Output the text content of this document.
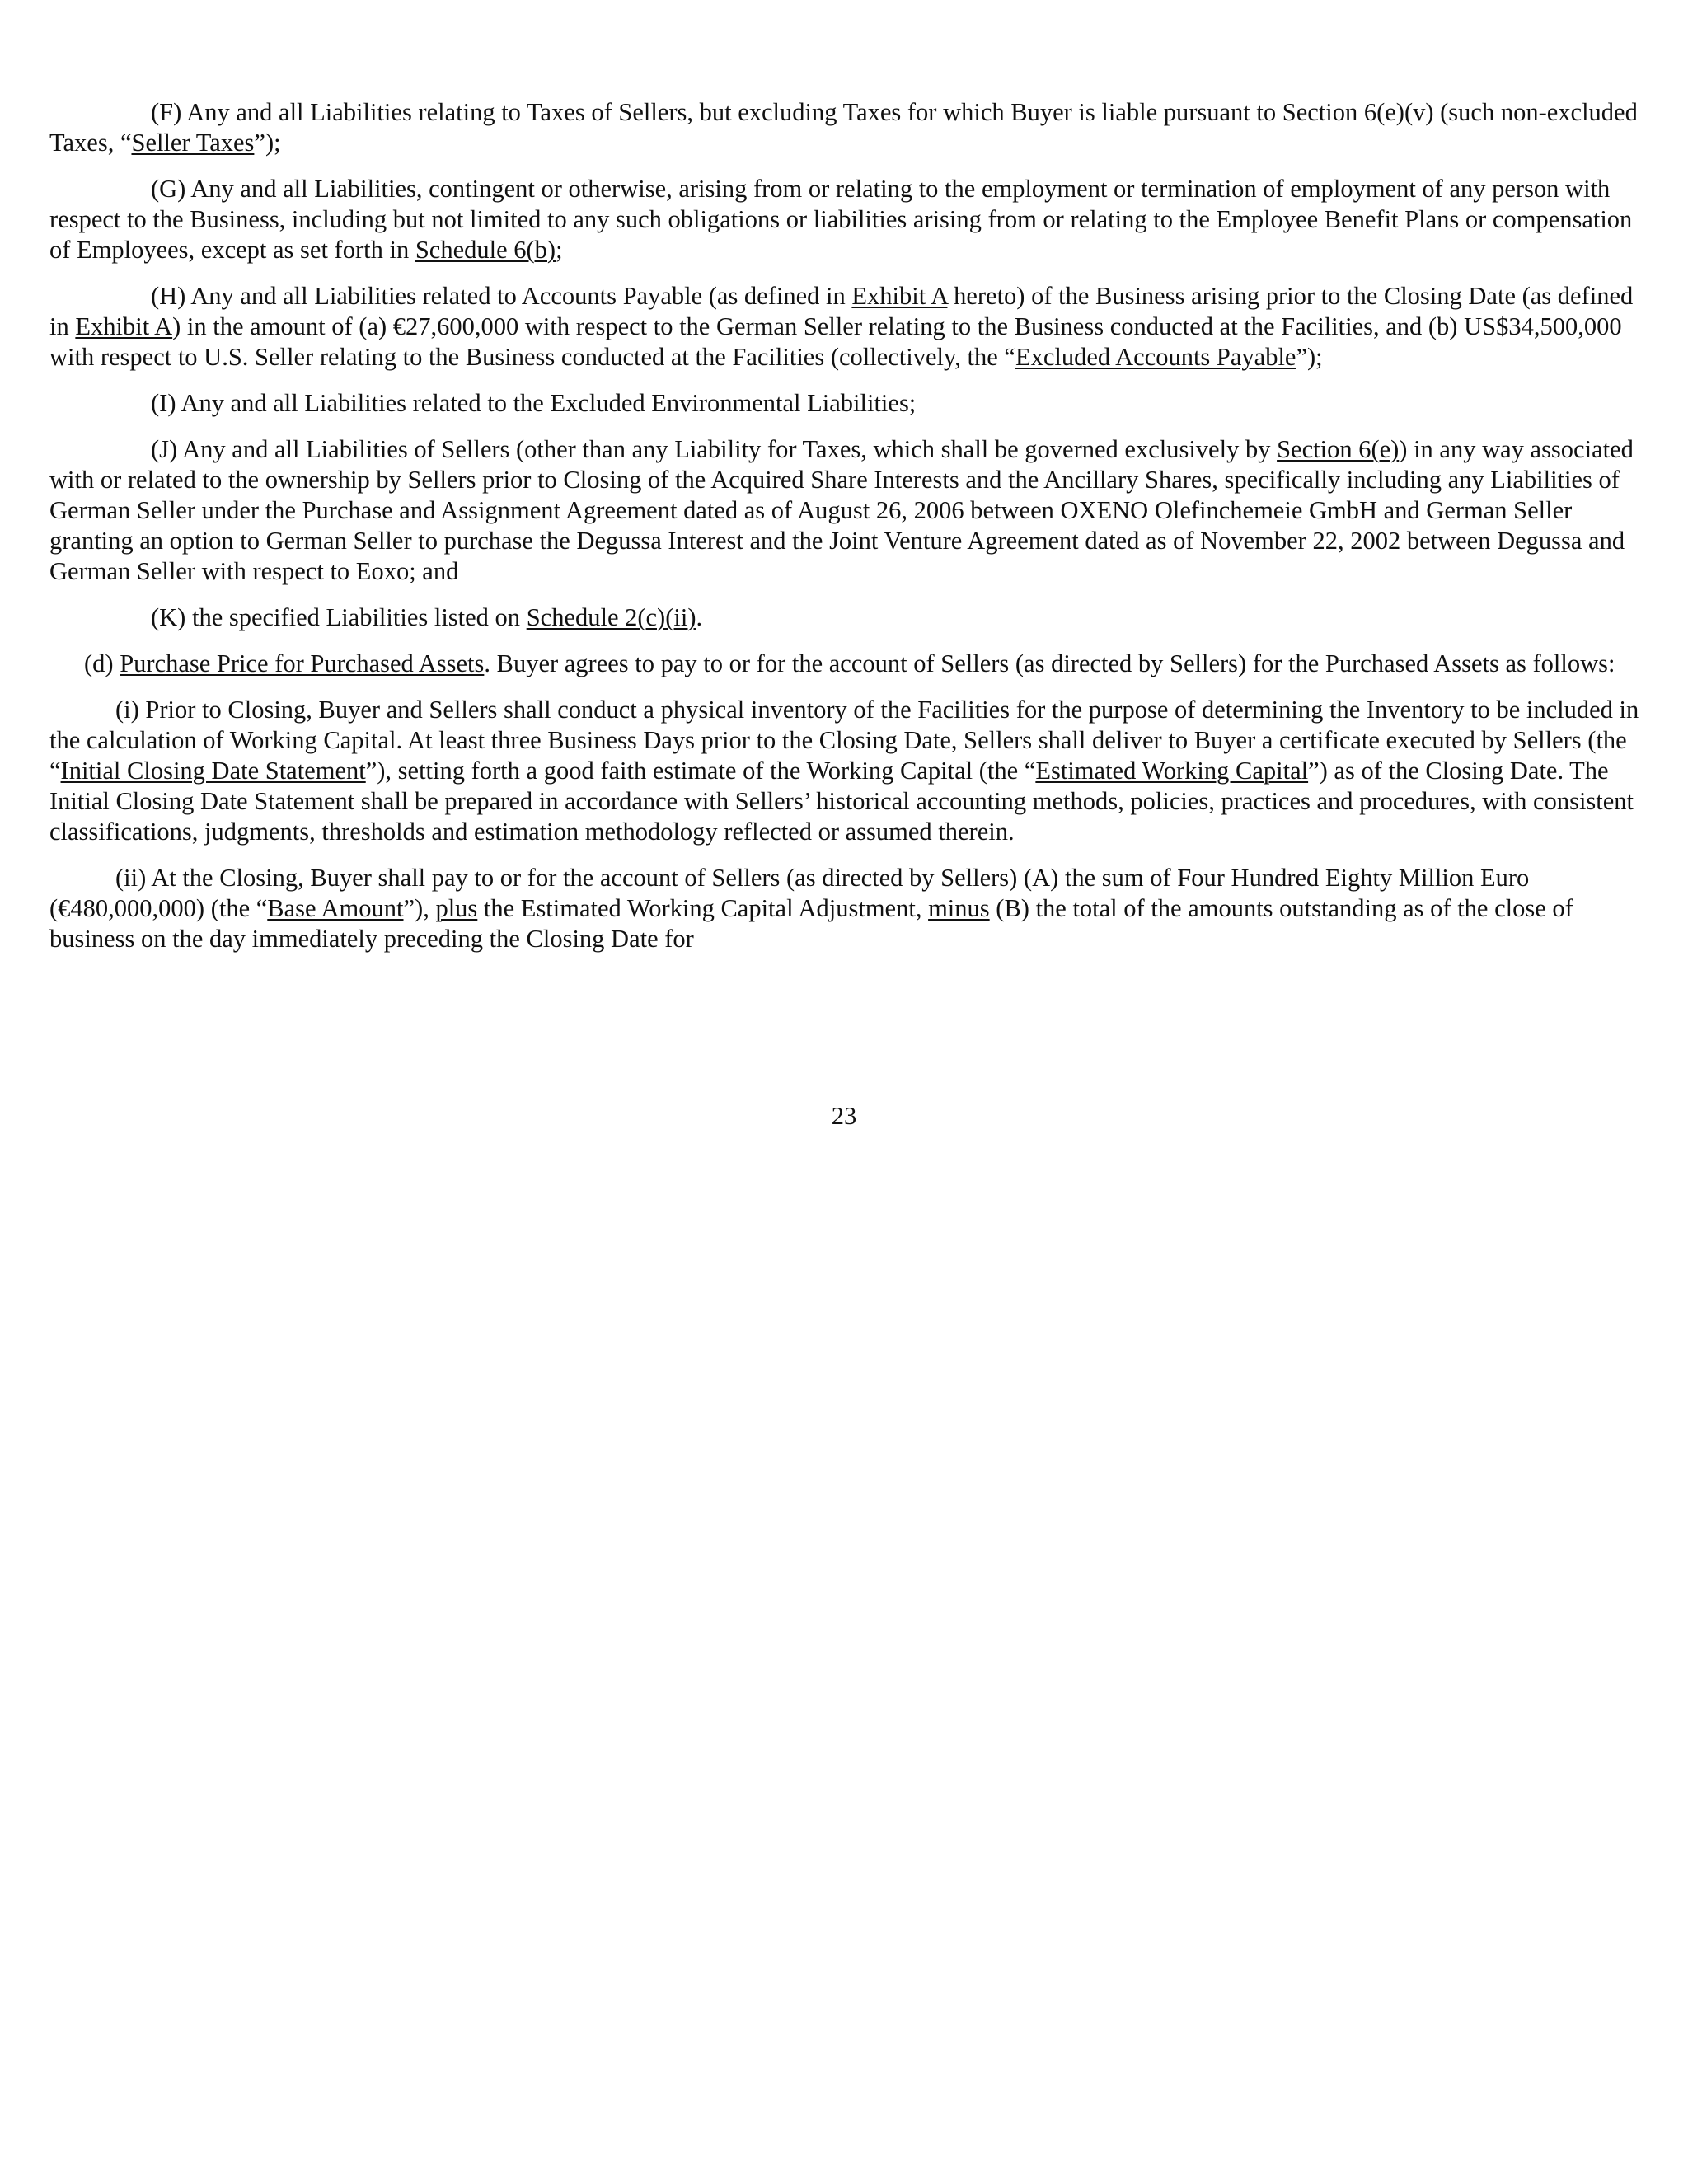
(F) Any and all Liabilities relating to Taxes of Sellers, but excluding Taxes for which Buyer is liable pursuant to Section 6(e)(v) (such non-excluded Taxes, “Seller Taxes”);

(G) Any and all Liabilities, contingent or otherwise, arising from or relating to the employment or termination of employment of any person with respect to the Business, including but not limited to any such obligations or liabilities arising from or relating to the Employee Benefit Plans or compensation of Employees, except as set forth in Schedule 6(b);

(H) Any and all Liabilities related to Accounts Payable (as defined in Exhibit A hereto) of the Business arising prior to the Closing Date (as defined in Exhibit A) in the amount of (a) €27,600,000 with respect to the German Seller relating to the Business conducted at the Facilities, and (b) US$34,500,000 with respect to U.S. Seller relating to the Business conducted at the Facilities (collectively, the “Excluded Accounts Payable”);

(I) Any and all Liabilities related to the Excluded Environmental Liabilities;

(J) Any and all Liabilities of Sellers (other than any Liability for Taxes, which shall be governed exclusively by Section 6(e)) in any way associated with or related to the ownership by Sellers prior to Closing of the Acquired Share Interests and the Ancillary Shares, specifically including any Liabilities of German Seller under the Purchase and Assignment Agreement dated as of August 26, 2006 between OXENO Olefinchemeie GmbH and German Seller granting an option to German Seller to purchase the Degussa Interest and the Joint Venture Agreement dated as of November 22, 2002 between Degussa and German Seller with respect to Eoxo; and

(K) the specified Liabilities listed on Schedule 2(c)(ii).

(d) Purchase Price for Purchased Assets. Buyer agrees to pay to or for the account of Sellers (as directed by Sellers) for the Purchased Assets as follows:

(i) Prior to Closing, Buyer and Sellers shall conduct a physical inventory of the Facilities for the purpose of determining the Inventory to be included in the calculation of Working Capital. At least three Business Days prior to the Closing Date, Sellers shall deliver to Buyer a certificate executed by Sellers (the “Initial Closing Date Statement”), setting forth a good faith estimate of the Working Capital (the “Estimated Working Capital”) as of the Closing Date. The Initial Closing Date Statement shall be prepared in accordance with Sellers’ historical accounting methods, policies, practices and procedures, with consistent classifications, judgments, thresholds and estimation methodology reflected or assumed therein.

(ii) At the Closing, Buyer shall pay to or for the account of Sellers (as directed by Sellers) (A) the sum of Four Hundred Eighty Million Euro (€480,000,000) (the “Base Amount”), plus the Estimated Working Capital Adjustment, minus (B) the total of the amounts outstanding as of the close of business on the day immediately preceding the Closing Date for

23
